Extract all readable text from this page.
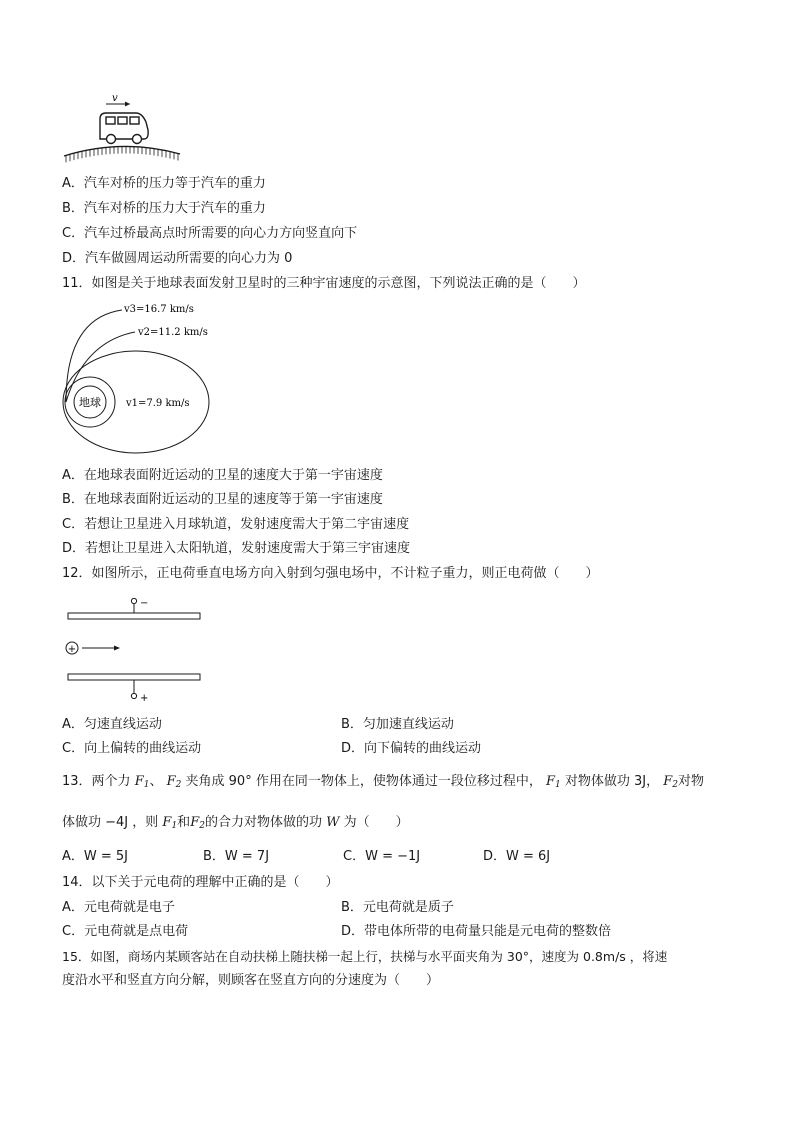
v
A．汽车对桥的压力等于汽车的重力
B．汽车对桥的压力大于汽车的重力
C．汽车过桥最高点时所需要的向心力方向竖直向下
D．汽车做圆周运动所需要的向心力为 0
11．如图是关于地球表面发射卫星时的三种宇宙速度的示意图，下列说法正确的是（　　）
v3=16.7 km/s
v2=11.2 km/s
地球	v1=7.9 km/s
A．在地球表面附近运动的卫星的速度大于第一宇宙速度
B．在地球表面附近运动的卫星的速度等于第一宇宙速度
C．若想让卫星进入月球轨道，发射速度需大于第二宇宙速度
D．若想让卫星进入太阳轨道，发射速度需大于第三宇宙速度
12．如图所示，正电荷垂直电场方向入射到匀强电场中，不计粒子重力，则正电荷做（　　）
−
+
+
A．匀速直线运动	B．匀加速直线运动
C．向上偏转的曲线运动	D．向下偏转的曲线运动
13．两个力 $F_1$、 $F_2$ 夹角成 90° 作用在同一物体上，使物体通过一段位移过程中， $F_1$ 对物体做功 3J， $F_2$对物
体做功 −4J ，则 $F_1$和$F_2$的合力对物体做的功 W 为（　　）
A．W = 5J	B．W = 7J	C．W = −1J	D．W = 6J
14．以下关于元电荷的理解中正确的是（　　）
A．元电荷就是电子	B．元电荷就是质子
C．元电荷就是点电荷	D．带电体所带的电荷量只能是元电荷的整数倍
15．如图，商场内某顾客站在自动扶梯上随扶梯一起上行，扶梯与水平面夹角为 30°，速度为 0.8m/s ，将速
度沿水平和竖直方向分解，则顾客在竖直方向的分速度为（　　）
